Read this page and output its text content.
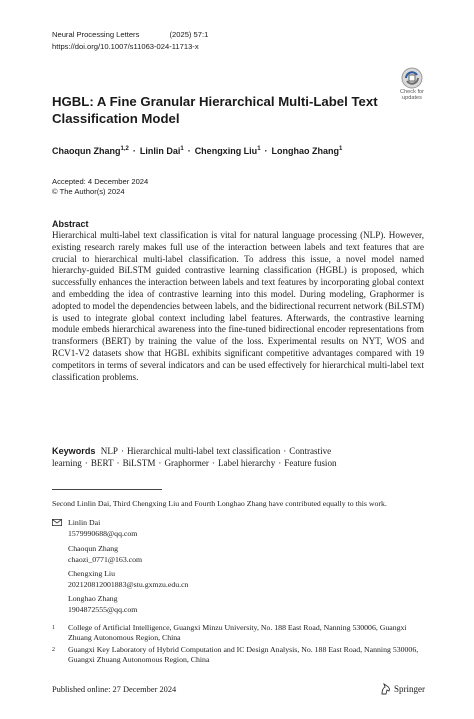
Neural Processing Letters	(2025) 57:1
https://doi.org/10.1007/s11063-024-11713-x
Check for
updates
HGBL: A Fine Granular Hierarchical Multi-Label Text Classification Model
Chaoqun Zhang$^{1,2}$ · Linlin Dai$^1$ · Chengxing Liu$^1$ · Longhao Zhang$^1$
Accepted: 4 December 2024
© The Author(s) 2024
Abstract
Hierarchical multi-label text classification is vital for natural language processing (NLP). However, existing research rarely makes full use of the interaction between labels and text features that are crucial to hierarchical multi-label classification. To address this issue, a novel model named hierarchy-guided BiLSTM guided contrastive learning classification (HGBL) is proposed, which successfully enhances the interaction between labels and text features by incorporating global context and embedding the idea of contrastive learning into this model. During modeling, Graphormer is adopted to model the dependencies between labels, and the bidirectional recurrent network (BiLSTM) is used to integrate global context including label features. Afterwards, the contrastive learning module embeds hierarchical awareness into the fine-tuned bidirectional encoder representations from transformers (BERT) by training the value of the loss. Experimental results on NYT, WOS and RCV1-V2 datasets show that HGBL exhibits significant competitive advantages compared with 19 competitors in terms of several indicators and can be used effectively for hierarchical multi-label text classification problems.
Keywords NLP · Hierarchical multi-label text classification · Contrastive learning · BERT · BiLSTM · Graphormer · Label hierarchy · Feature fusion
Second Linlin Dai, Third Chengxing Liu and Fourth Longhao Zhang have contributed equally to this work.
Linlin Dai
1579990688@qq.com
Chaoqun Zhang
chaozi_0771@163.com
Chengxing Liu
202120812001883@stu.gxmzu.edu.cn
Longhao Zhang
1904872555@qq.com
1 College of Artificial Intelligence, Guangxi Minzu University, No. 188 East Road, Nanning 530006, Guangxi Zhuang Autonomous Region, China
2 Guangxi Key Laboratory of Hybrid Computation and IC Design Analysis, No. 188 East Road, Nanning 530006, Guangxi Zhuang Autonomous Region, China
Published online: 27 December 2024	Springer
